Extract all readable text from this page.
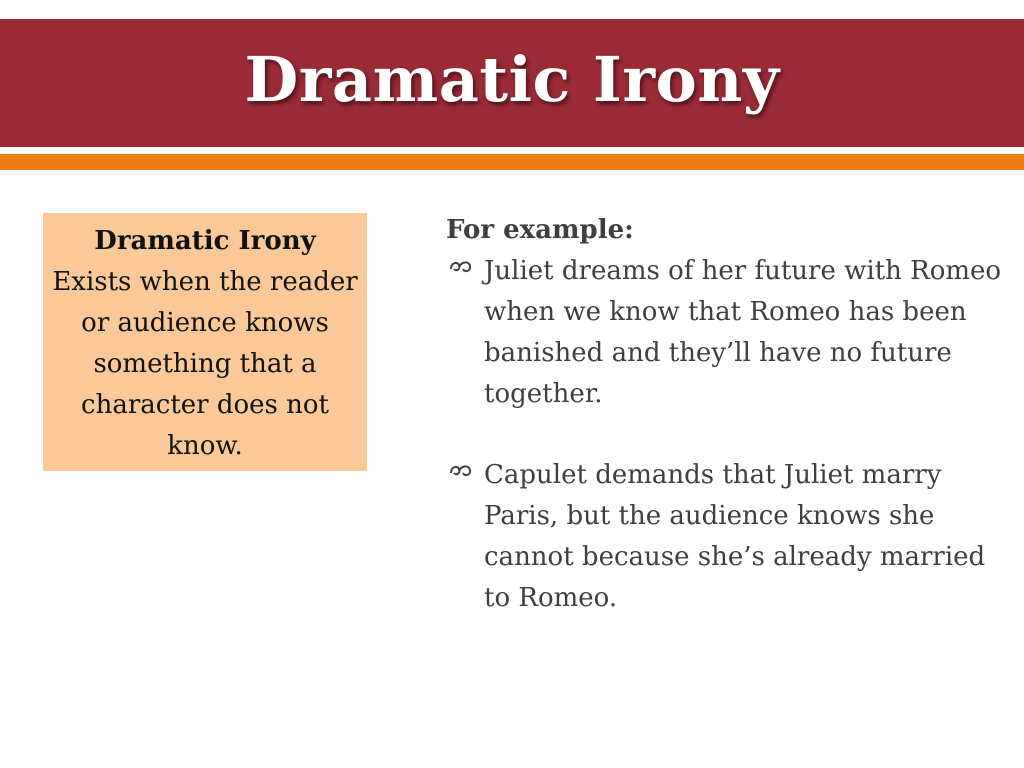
Dramatic Irony
Dramatic Irony
Exists when the reader or audience knows something that a character does not know.

For example:

Juliet dreams of her future with Romeo when we know that Romeo has been banished and they’ll have no future together.
Capulet demands that Juliet marry Paris, but the audience knows she cannot because she’s already married to Romeo.
